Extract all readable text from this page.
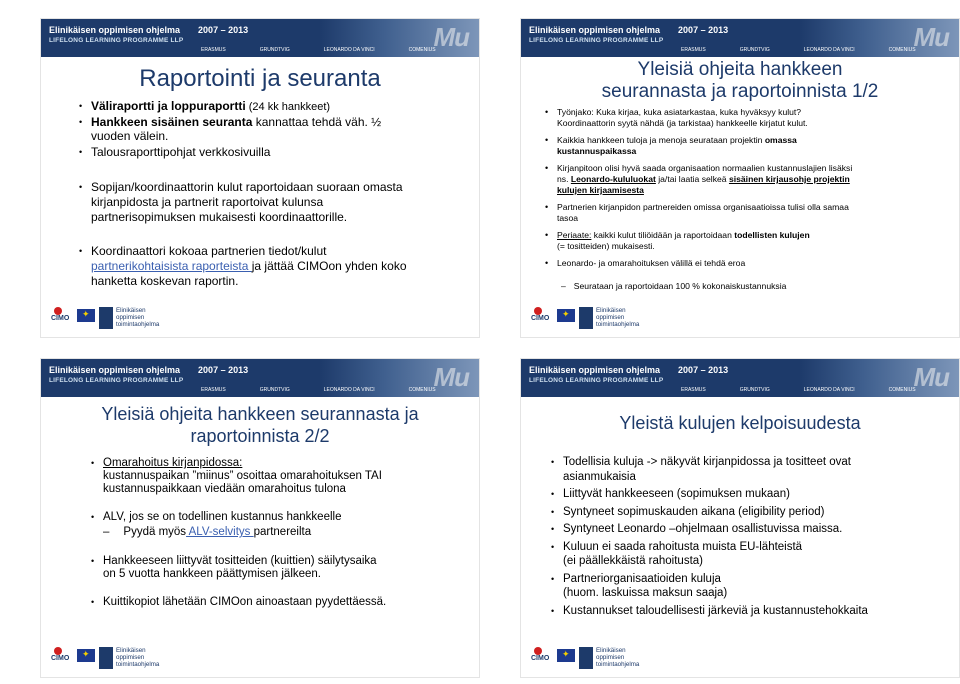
Mu
Elinikäisen oppimisen ohjelma 2007 – 2013
LIFELONG LEARNING PROGRAMME LLP
ERASMUS	GRUNDTVIG	LEONARDO DA VINCI	COMENIUS
Raportointi ja seuranta
• Väliraportti ja loppuraportti (24 kk hankkeet)
• Hankkeen sisäinen seuranta kannattaa tehdä väh. ½
vuoden välein.
• Talousraporttipohjat verkkosivuilla
• Sopijan/koordinaattorin kulut raportoidaan suoraan omasta
kirjanpidosta ja partnerit raportoivat kulunsa
partnerisopimuksen mukaisesti koordinaattorille.
• Koordinaattori kokoaa partnerien tiedot/kulut
partnerikohtaisista raporteista ja jättää CIMOon yhden koko
hanketta koskevan raportin.
CIMO
✦
Elinikäisen
oppimisen
toimintaohjelma
Mu
Elinikäisen oppimisen ohjelma 2007 – 2013
LIFELONG LEARNING PROGRAMME LLP
ERASMUS	GRUNDTVIG	LEONARDO DA VINCI	COMENIUS
Yleisiä ohjeita hankkeen
seurannasta ja raportoinnista 1/2
• Työnjako: Kuka kirjaa, kuka asiatarkastaa, kuka hyväksyy kulut?
Koordinaattorin syytä nähdä (ja tarkistaa) hankkeelle kirjatut kulut.
• Kaikkia hankkeen tuloja ja menoja seurataan projektin omassa
kustannuspaikassa
• Kirjanpitoon olisi hyvä saada organisaation normaalien kustannuslajien lisäksi
ns. Leonardo-kululuokat ja/tai laatia selkeä sisäinen kirjausohje projektin
kulujen kirjaamisesta
• Partnerien kirjanpidon partnereiden omissa organisaatioissa tulisi olla samaa
tasoa
• Periaate: kaikki kulut tiliöidään ja raportoidaan todellisten kulujen
(= tositteiden) mukaisesti.
• Leonardo- ja omarahoituksen välillä ei tehdä eroa
– Seurataan ja raportoidaan 100 % kokonaiskustannuksia
CIMO
✦
Elinikäisen
oppimisen
toimintaohjelma
Mu
Elinikäisen oppimisen ohjelma 2007 – 2013
LIFELONG LEARNING PROGRAMME LLP
ERASMUS	GRUNDTVIG	LEONARDO DA VINCI	COMENIUS
Yleisiä ohjeita hankkeen seurannasta ja
raportoinnista 2/2
• Omarahoitus kirjanpidossa:
kustannuspaikan ”miinus” osoittaa omarahoituksen TAI
kustannuspaikkaan viedään omarahoitus tulona
• ALV, jos se on todellinen kustannus hankkeelle
– Pyydä myös ALV-selvitys partnereilta
• Hankkeeseen liittyvät tositteiden (kuittien) säilytysaika
on 5 vuotta hankkeen päättymisen jälkeen.
• Kuittikopiot lähetään CIMOon ainoastaan pyydettäessä.
CIMO
✦
Elinikäisen
oppimisen
toimintaohjelma
Mu
Elinikäisen oppimisen ohjelma 2007 – 2013
LIFELONG LEARNING PROGRAMME LLP
ERASMUS	GRUNDTVIG	LEONARDO DA VINCI	COMENIUS
Yleistä kulujen kelpoisuudesta
• Todellisia kuluja -> näkyvät kirjanpidossa ja tositteet ovat
asianmukaisia
• Liittyvät hankkeeseen (sopimuksen mukaan)
• Syntyneet sopimuskauden aikana (eligibility period)
• Syntyneet Leonardo –ohjelmaan osallistuvissa maissa.
• Kuluun ei saada rahoitusta muista EU-lähteistä
(ei päällekkäistä rahoitusta)
• Partneriorganisaatioiden kuluja
(huom. laskuissa maksun saaja)
• Kustannukset taloudellisesti järkeviä ja kustannustehokkaita
CIMO
✦
Elinikäisen
oppimisen
toimintaohjelma
